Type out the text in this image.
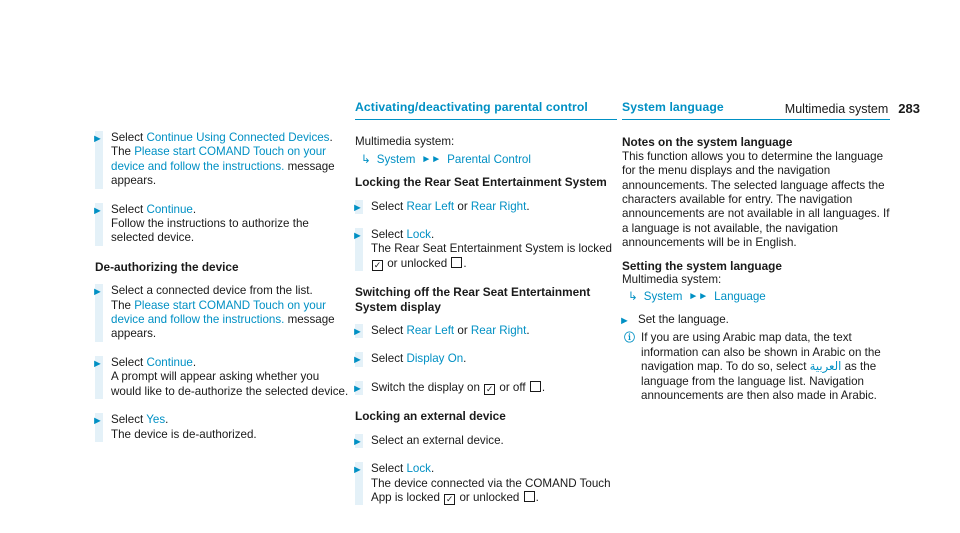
Multimedia system 283
► Select Continue Using Connected Devices.
The Please start COMAND Touch on your device and follow the instructions. message appears.
► Select Continue.
Follow the instructions to authorize the selected device.
De-authorizing the device
► Select a connected device from the list.
The Please start COMAND Touch on your device and follow the instructions. message appears.
► Select Continue.
A prompt will appear asking whether you would like to de-authorize the selected device.
► Select Yes.
The device is de-authorized.
Activating/deactivating parental control
Multimedia system:
↳ System ►► Parental Control
Locking the Rear Seat Entertainment System
► Select Rear Left or Rear Right.
► Select Lock.
The Rear Seat Entertainment System is locked ✓ or unlocked .
Switching off the Rear Seat Entertainment System display
► Select Rear Left or Rear Right.
► Select Display On.
► Switch the display on ✓ or off .
Locking an external device
► Select an external device.
► Select Lock.
The device connected via the COMAND Touch App is locked ✓ or unlocked .
System language
Notes on the system language
This function allows you to determine the language for the menu displays and the navigation announcements. The selected language affects the characters available for entry. The navigation announcements are not available in all languages. If a language is not available, the navigation announcements will be in English.
Setting the system language
Multimedia system:
↳ System ►► Language
► Set the language.
ⓘ If you are using Arabic map data, the text information can also be shown in Arabic on the navigation map. To do so, select العربية as the language from the language list. Navigation announcements are then also made in Arabic.
